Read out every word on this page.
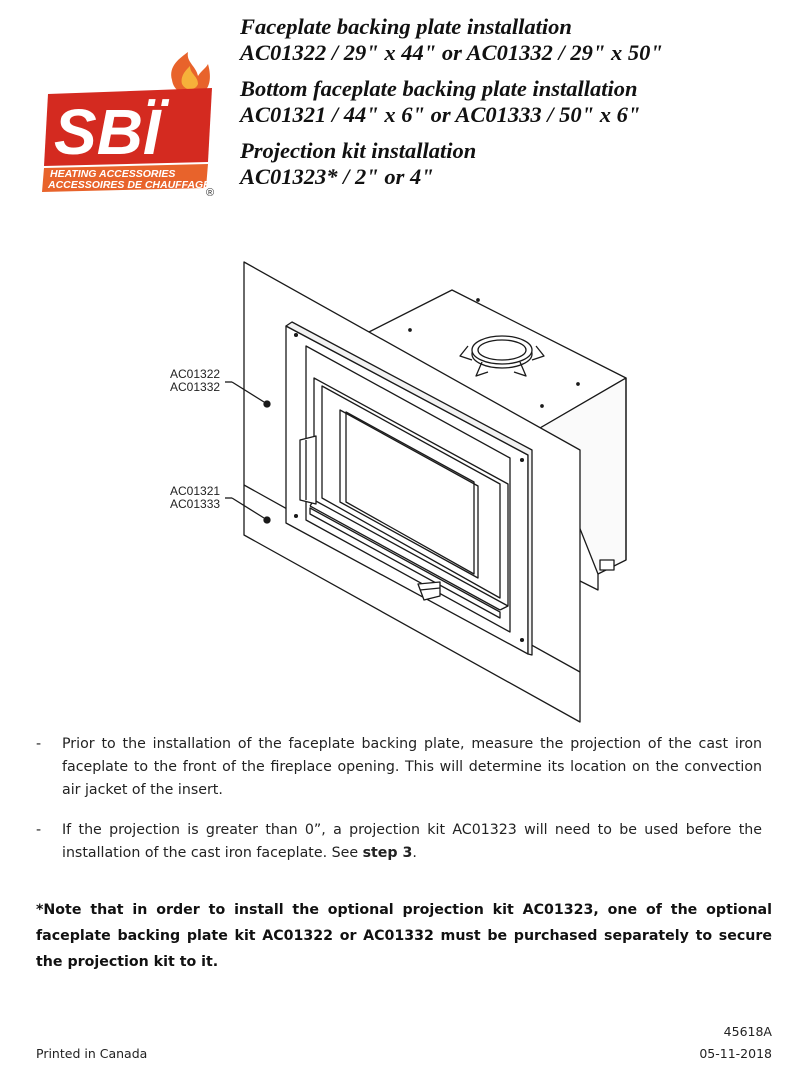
SBÏ
HEATING ACCESSORIES
ACCESSOIRES DE CHAUFFAGE
®
Faceplate backing plate installation
AC01322 / 29" x 44" or AC01332 / 29" x 50"
Bottom faceplate backing plate installation
AC01321 / 44" x 6" or AC01333 / 50" x 6"
Projection kit installation
AC01323* / 2" or 4"
AC01322
AC01332
AC01321
AC01333
- Prior to the installation of the faceplate backing plate, measure the projection of the cast iron faceplate to the front of the fireplace opening. This will determine its location on the convection air jacket of the insert.
- If the projection is greater than 0”, a projection kit AC01323 will need to be used before the installation of the cast iron faceplate. See step 3.
*Note that in order to install the optional projection kit AC01323, one of the optional faceplate backing plate kit AC01322 or AC01332 must be purchased separately to secure the projection kit to it.
Printed in Canada
45618A
05-11-2018
